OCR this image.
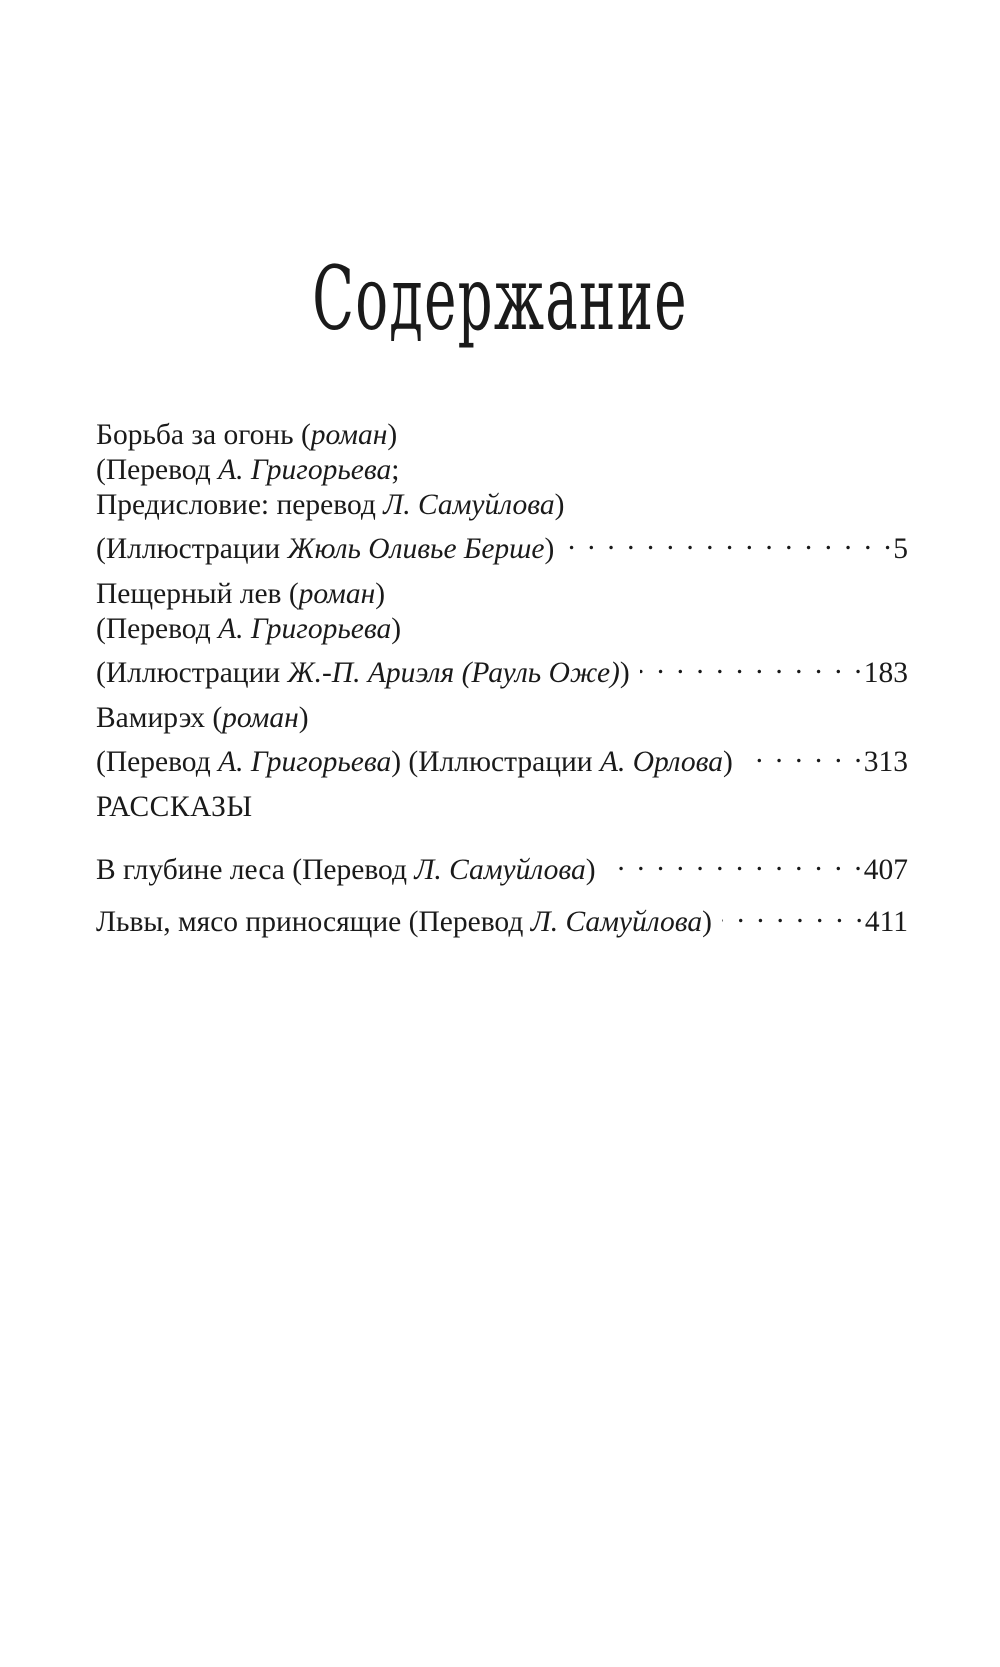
Содержание
Борьба за огонь (роман)
(Перевод А. Григорьева;
Предисловие: перевод Л. Самуйлова)
(Иллюстрации Жюль Оливье Берше) . . .	5
Пещерный лев (роман)
(Перевод А. Григорьева)
(Иллюстрации Ж.-П. Ариэля (Рауль Оже)) . . .	183
Вамирэх (роман)
(Перевод А. Григорьева) (Иллюстрации А. Орлова) . . .	313
РАССКАЗЫ
В глубине леса (Перевод Л. Самуйлова) . . .	407
Львы, мясо приносящие (Перевод Л. Самуйлова) . . .	411
